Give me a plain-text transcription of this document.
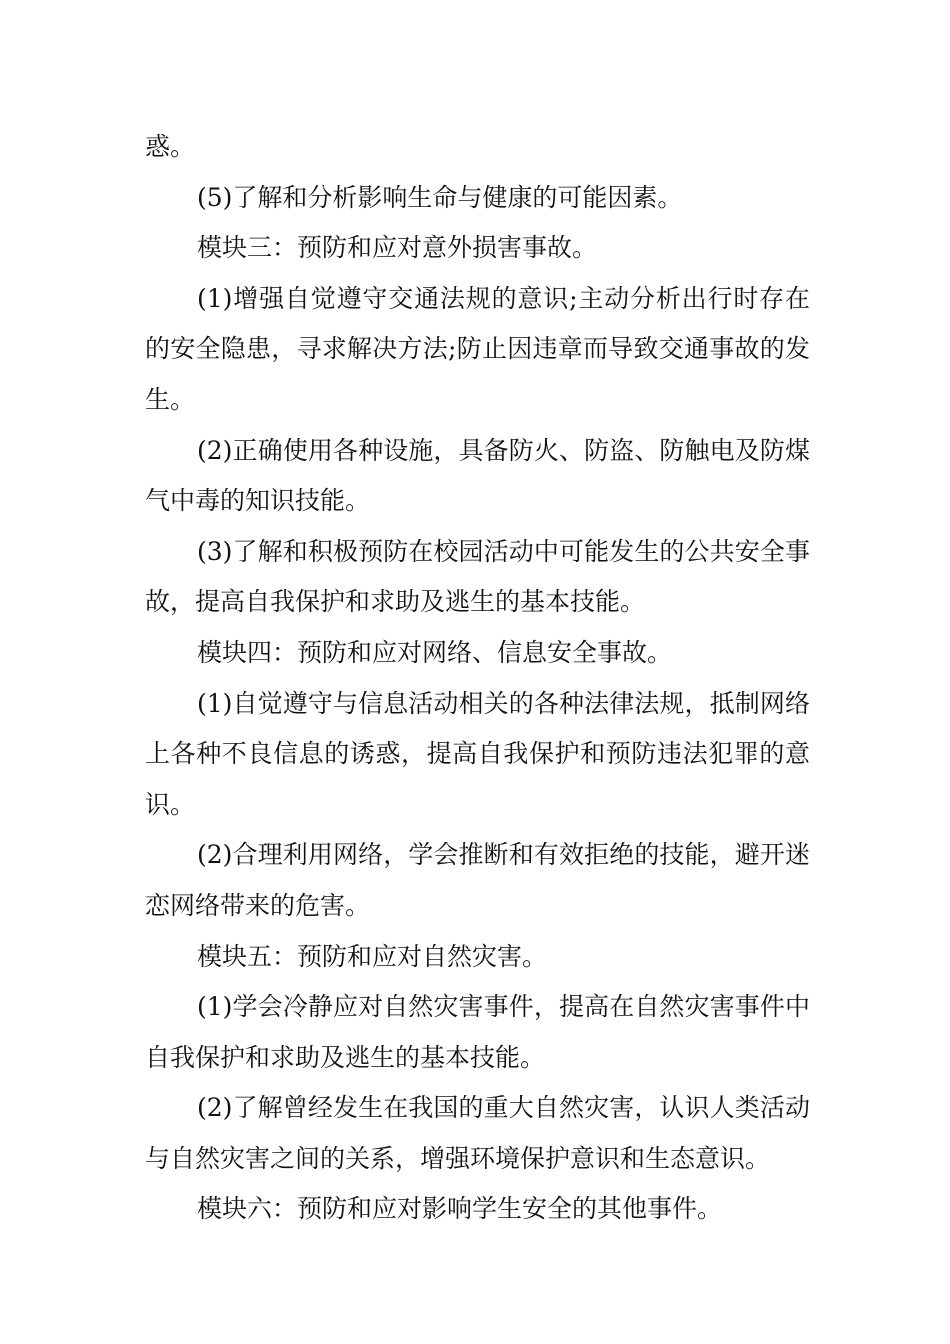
惑。

(5)了解和分析影响生命与健康的可能因素。

模块三：预防和应对意外损害事故。

(1)增强自觉遵守交通法规的意识;主动分析出行时存在的安全隐患，寻求解决方法;防止因违章而导致交通事故的发生。

(2)正确使用各种设施，具备防火、防盗、防触电及防煤气中毒的知识技能。

(3)了解和积极预防在校园活动中可能发生的公共安全事故，提高自我保护和求助及逃生的基本技能。

模块四：预防和应对网络、信息安全事故。

(1)自觉遵守与信息活动相关的各种法律法规，抵制网络上各种不良信息的诱惑，提高自我保护和预防违法犯罪的意识。

(2)合理利用网络，学会推断和有效拒绝的技能，避开迷恋网络带来的危害。

模块五：预防和应对自然灾害。

(1)学会冷静应对自然灾害事件，提高在自然灾害事件中自我保护和求助及逃生的基本技能。

(2)了解曾经发生在我国的重大自然灾害，认识人类活动与自然灾害之间的关系，增强环境保护意识和生态意识。

模块六：预防和应对影响学生安全的其他事件。
